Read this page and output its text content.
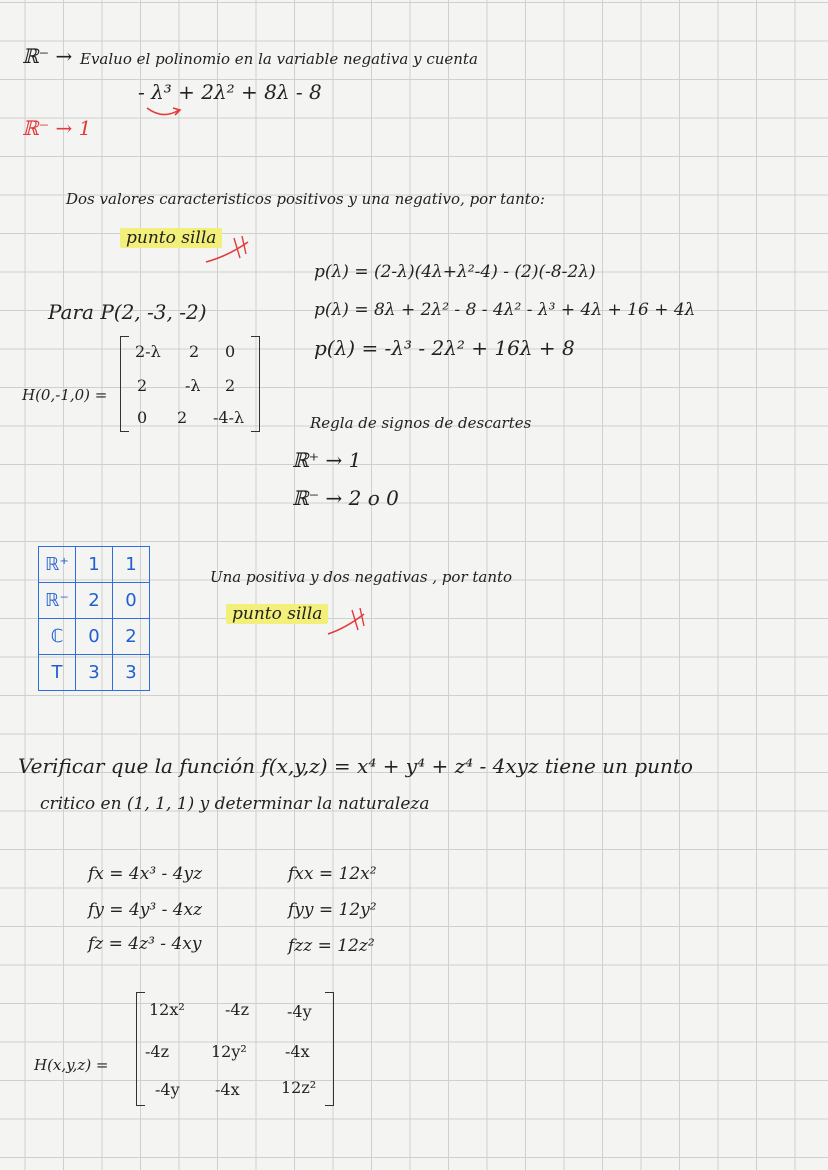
ℝ⁻ → Evaluo el polinomio en la variable negativa y cuenta
- λ³ + 2λ² + 8λ - 8
ℝ⁻ → 1
Dos valores caracteristicos positivos y una negativo, por tanto:
punto silla
p(λ) = (2-λ)(4λ+λ²-4) - (2)(-8-2λ)
Para P(2, -3, -2)	p(λ) = 8λ + 2λ² - 8 - 4λ² - λ³ + 4λ + 16 + 4λ
p(λ) = -λ³ - 2λ² + 16λ + 8
H(0,-1,0) =
2-λ 2 0
2 -λ 2
0 2 -4-λ	Regla de signos de descartes
ℝ⁺ → 1
ℝ⁻ → 2 o 0
ℝ⁺	1	1
ℝ⁻	2	0
ℂ	0	2
T	3	3
Una positiva y dos negativas , por tanto
punto silla
Verificar que la función f(x,y,z) = x⁴ + y⁴ + z⁴ - 4xyz tiene un punto
critico en (1, 1, 1) y determinar la naturaleza
fx = 4x³ - 4yz
fy = 4y³ - 4xz
fz = 4z³ - 4xy
fxx = 12x²
fyy = 12y²
fzz = 12z²
H(x,y,z) =
12x²	-4z -4y
-4z	12y² -4x
-4y -4x	12z²
